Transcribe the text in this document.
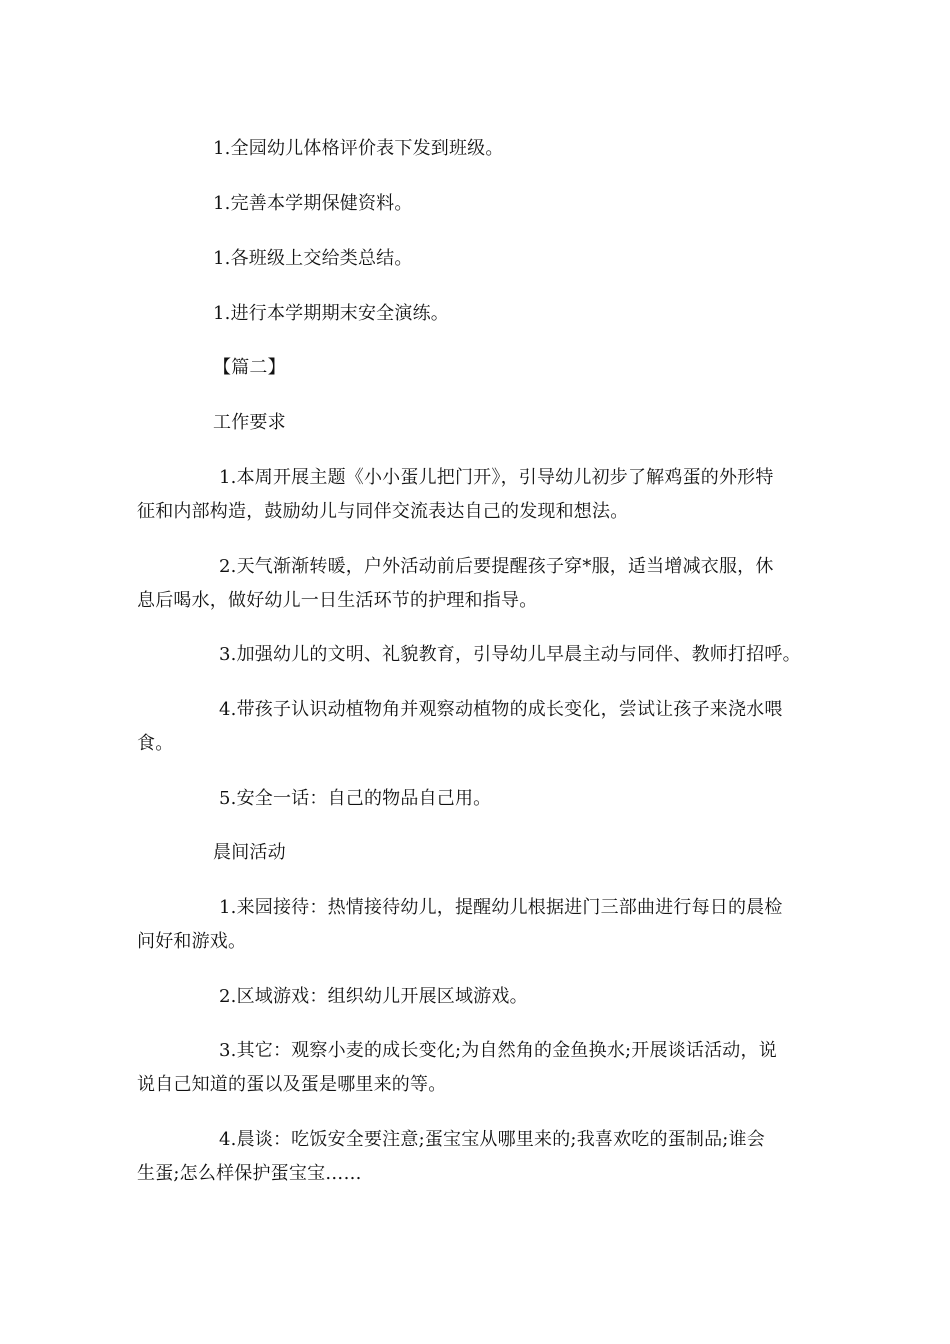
1.全园幼儿体格评价表下发到班级。
1.完善本学期保健资料。
1.各班级上交给类总结。
1.进行本学期期末安全演练。
【篇二】
工作要求
1.本周开展主题《小小蛋儿把门开》，引导幼儿初步了解鸡蛋的外形特
征和内部构造，鼓励幼儿与同伴交流表达自己的发现和想法。
2.天气渐渐转暖，户外活动前后要提醒孩子穿*服，适当增减衣服，休
息后喝水，做好幼儿一日生活环节的护理和指导。
3.加强幼儿的文明、礼貌教育，引导幼儿早晨主动与同伴、教师打招呼。
4.带孩子认识动植物角并观察动植物的成长变化，尝试让孩子来浇水喂
食。
5.安全一话：自己的物品自己用。
晨间活动
1.来园接待：热情接待幼儿，提醒幼儿根据进门三部曲进行每日的晨检
问好和游戏。
2.区域游戏：组织幼儿开展区域游戏。
3.其它：观察小麦的成长变化;为自然角的金鱼换水;开展谈话活动，说
说自己知道的蛋以及蛋是哪里来的等。
4.晨谈：吃饭安全要注意;蛋宝宝从哪里来的;我喜欢吃的蛋制品;谁会
生蛋;怎么样保护蛋宝宝……
